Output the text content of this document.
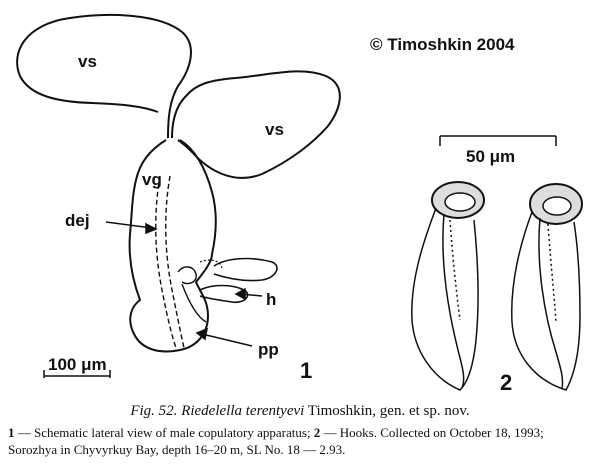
© Timoshkin 2004
vs
vs
vg
dej
h
pp
100 μm	1
50 μm
2
Fig. 52. Riedelella terentyevi Timoshkin, gen. et sp. nov.
1 — Schematic lateral view of male copulatory apparatus; 2 — Hooks. Collected on October 18, 1993; Sorozhya in Chyvyrkuy Bay, depth 16–20 m, SL No. 18 — 2.93.
